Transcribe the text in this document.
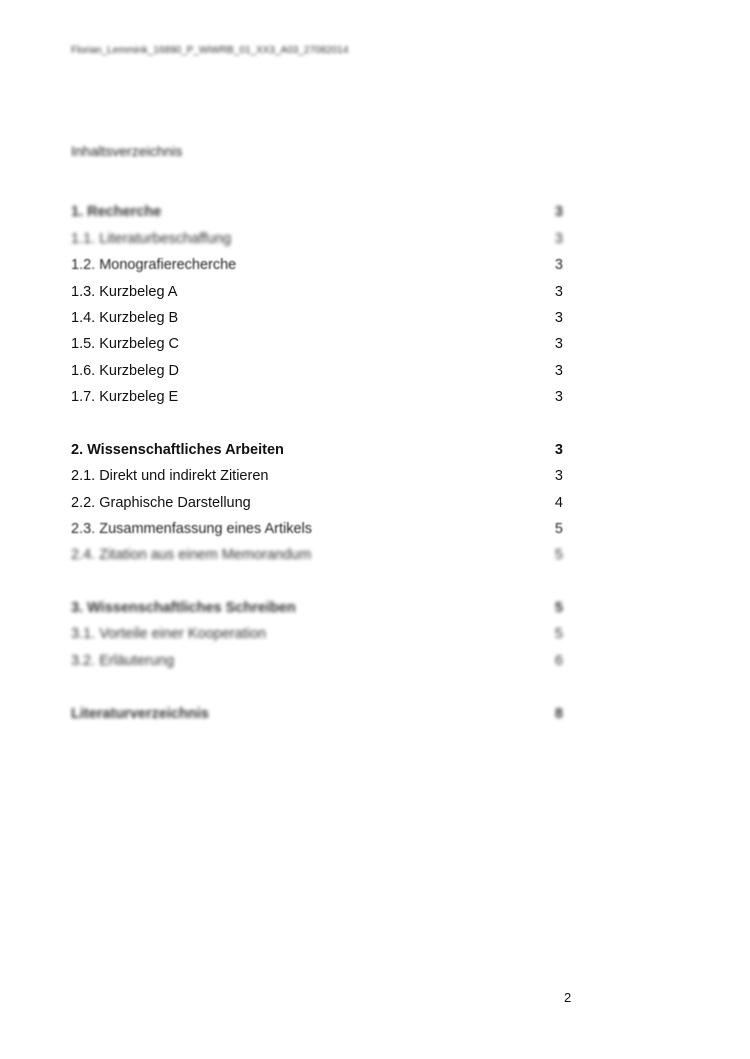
Florian_Lemmink_16890_P_WiWRB_01_XX3_A03_27082014
Inhaltsverzeichnis
1. Recherche	3
1.1. Literaturbeschaffung	3
1.2. Monografierecherche	3
1.3. Kurzbeleg A	3
1.4. Kurzbeleg B	3
1.5. Kurzbeleg C	3
1.6. Kurzbeleg D	3
1.7. Kurzbeleg E	3
2. Wissenschaftliches Arbeiten	3
2.1. Direkt und indirekt Zitieren	3
2.2. Graphische Darstellung	4
2.3. Zusammenfassung eines Artikels	5
2.4. Zitation aus einem Memorandum	5
3. Wissenschaftliches Schreiben	5
3.1. Vorteile einer Kooperation	5
3.2. Erläuterung	6
Literaturverzeichnis	8
2
